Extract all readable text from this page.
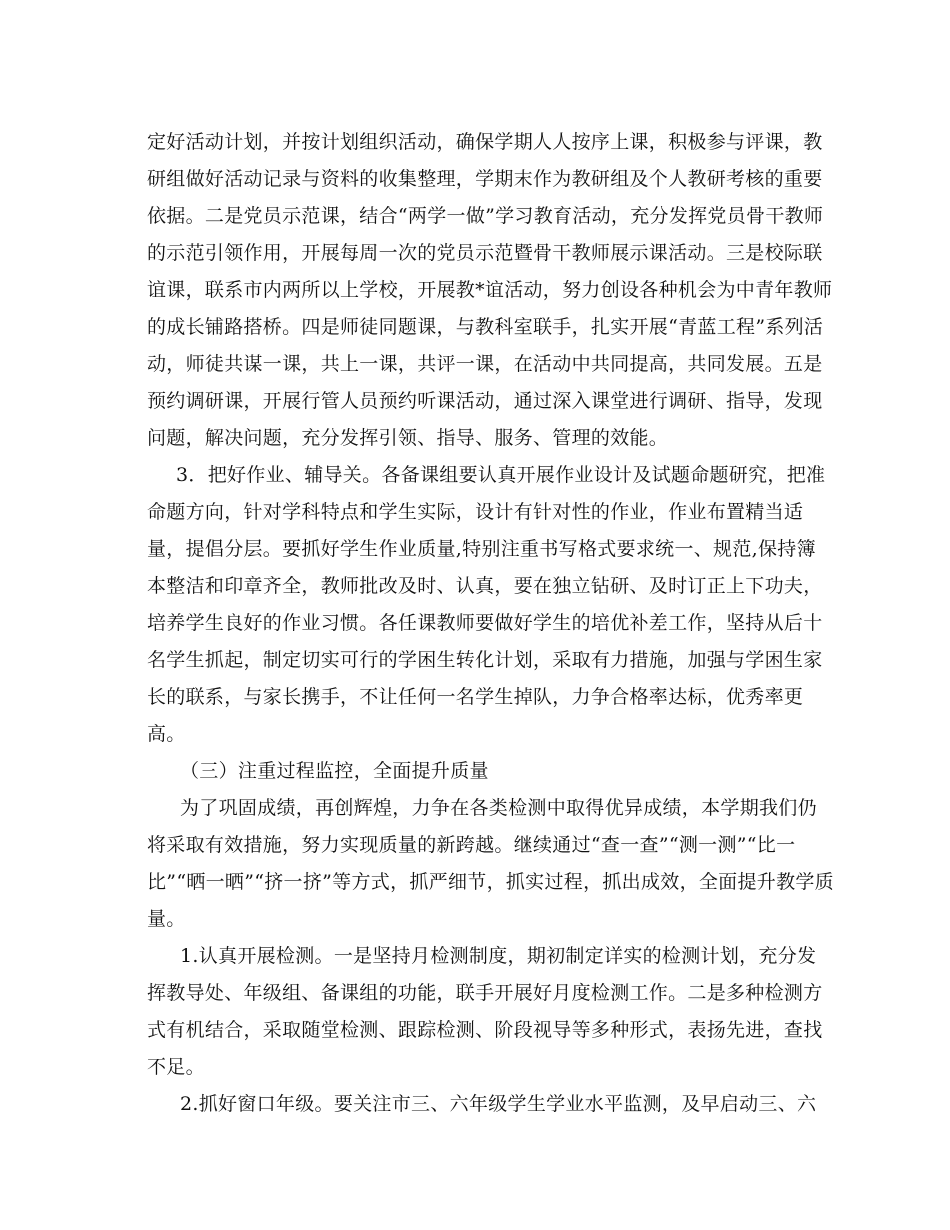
定好活动计划，并按计划组织活动，确保学期人人按序上课，积极参与评课，教
研组做好活动记录与资料的收集整理，学期末作为教研组及个人教研考核的重要
依据。二是党员示范课，结合“两学一做”学习教育活动，充分发挥党员骨干教师
的示范引领作用，开展每周一次的党员示范暨骨干教师展示课活动。三是校际联
谊课，联系市内两所以上学校，开展教*谊活动，努力创设各种机会为中青年教师
的成长铺路搭桥。四是师徒同题课，与教科室联手，扎实开展“青蓝工程”系列活
动，师徒共谋一课，共上一课，共评一课，在活动中共同提高，共同发展。五是
预约调研课，开展行管人员预约听课活动，通过深入课堂进行调研、指导，发现
问题，解决问题，充分发挥引领、指导、服务、管理的效能。
3．把好作业、辅导关。各备课组要认真开展作业设计及试题命题研究，把准
命题方向，针对学科特点和学生实际，设计有针对性的作业，作业布置精当适
量，提倡分层。要抓好学生作业质量,特别注重书写格式要求统一、规范,保持簿
本整洁和印章齐全，教师批改及时、认真，要在独立钻研、及时订正上下功夫，
培养学生良好的作业习惯。各任课教师要做好学生的培优补差工作，坚持从后十
名学生抓起，制定切实可行的学困生转化计划，采取有力措施，加强与学困生家
长的联系，与家长携手，不让任何一名学生掉队，力争合格率达标，优秀率更
高。
（三）注重过程监控，全面提升质量
为了巩固成绩，再创辉煌，力争在各类检测中取得优异成绩，本学期我们仍
将采取有效措施，努力实现质量的新跨越。继续通过“查一查”“测一测”“比一
比”“晒一晒”“挤一挤”等方式，抓严细节，抓实过程，抓出成效，全面提升教学质
量。
1.认真开展检测。一是坚持月检测制度，期初制定详实的检测计划，充分发
挥教导处、年级组、备课组的功能，联手开展好月度检测工作。二是多种检测方
式有机结合，采取随堂检测、跟踪检测、阶段视导等多种形式，表扬先进，查找
不足。
2.抓好窗口年级。要关注市三、六年级学生学业水平监测，及早启动三、六
